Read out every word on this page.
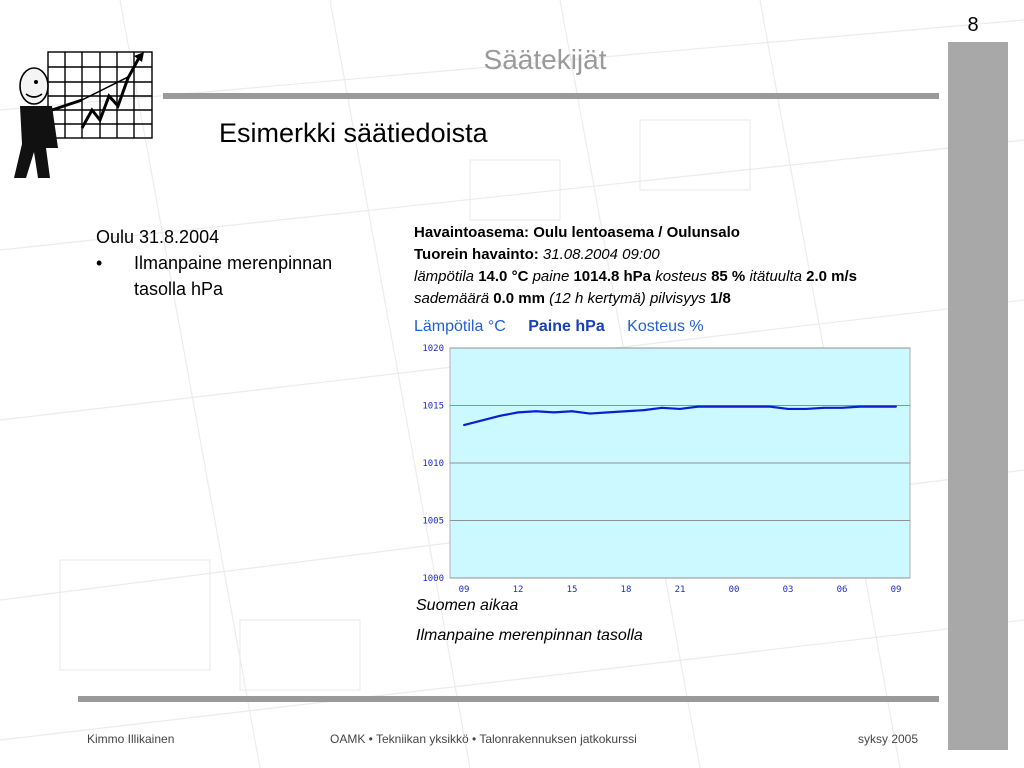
8
Säätekijät
Esimerkki säätiedoista
Oulu 31.8.2004
•	Ilmanpaine merenpinnan
tasolla hPa
Havaintoasema: Oulu lentoasema / Oulunsalo
Tuorein havainto: 31.08.2004 09:00
lämpötila 14.0 °C paine 1014.8 hPa kosteus 85 % itätuulta 2.0 m/s
sademäärä 0.0 mm (12 h kertymä) pilvisyys 1/8
Lämpötila °C Paine hPa Kosteus %
1000
1005
1010
1015
1020
09	12	15	18	21	00	03	06	09
Suomen aikaa
Ilmanpaine merenpinnan tasolla
Kimmo Illikainen	OAMK • Tekniikan yksikkö • Talonrakennuksen jatkokurssi	syksy 2005
